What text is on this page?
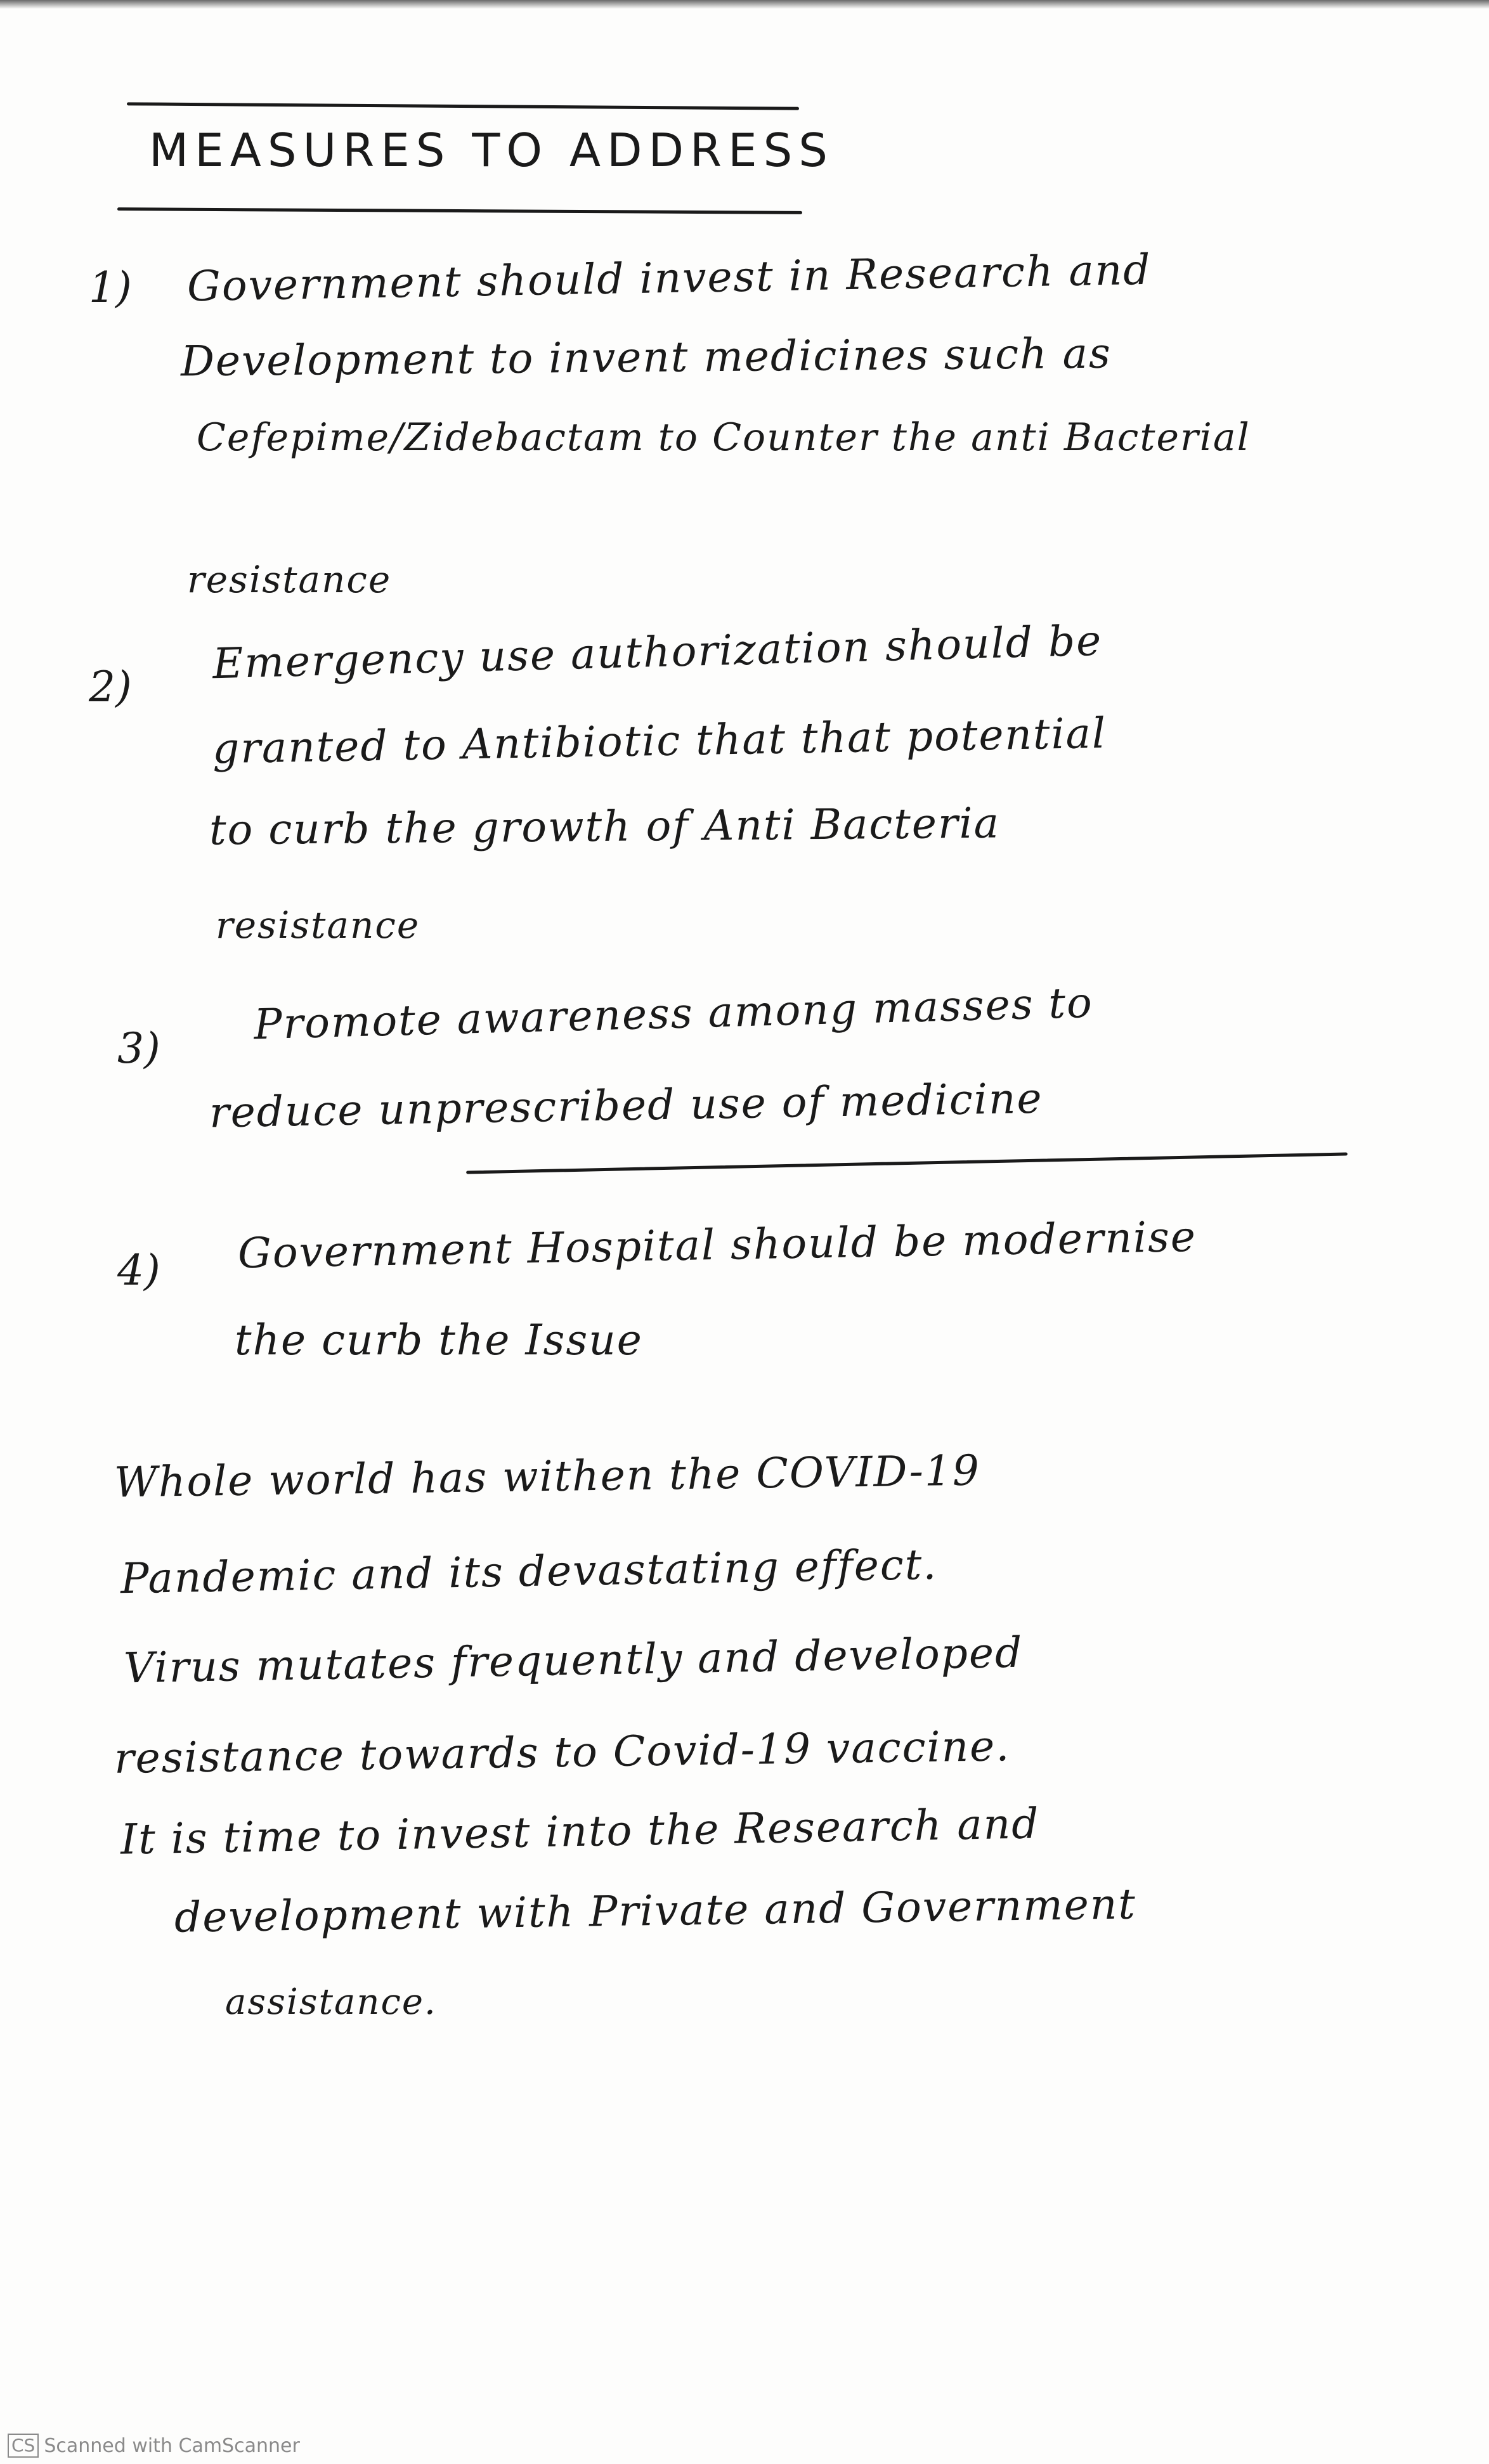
MEASURES TO ADDRESS
1) Government should invest in Research and
Development to invent medicines such as
Cefepime/Zidebactam to Counter the anti Bacterial
resistance
2) Emergency use authorization should be
granted to Antibiotic that that potential
to curb the growth of Anti Bacteria
resistance
3) Promote awareness among masses to
reduce unprescribed use of medicine
4) Government Hospital should be modernise
the curb the Issue
Whole world has withen the COVID-19
Pandemic and its devastating effect.
Virus mutates frequently and developed
resistance towards to Covid-19 vaccine.
It is time to invest into the Research and
development with Private and Government
assistance.
CS Scanned with CamScanner
